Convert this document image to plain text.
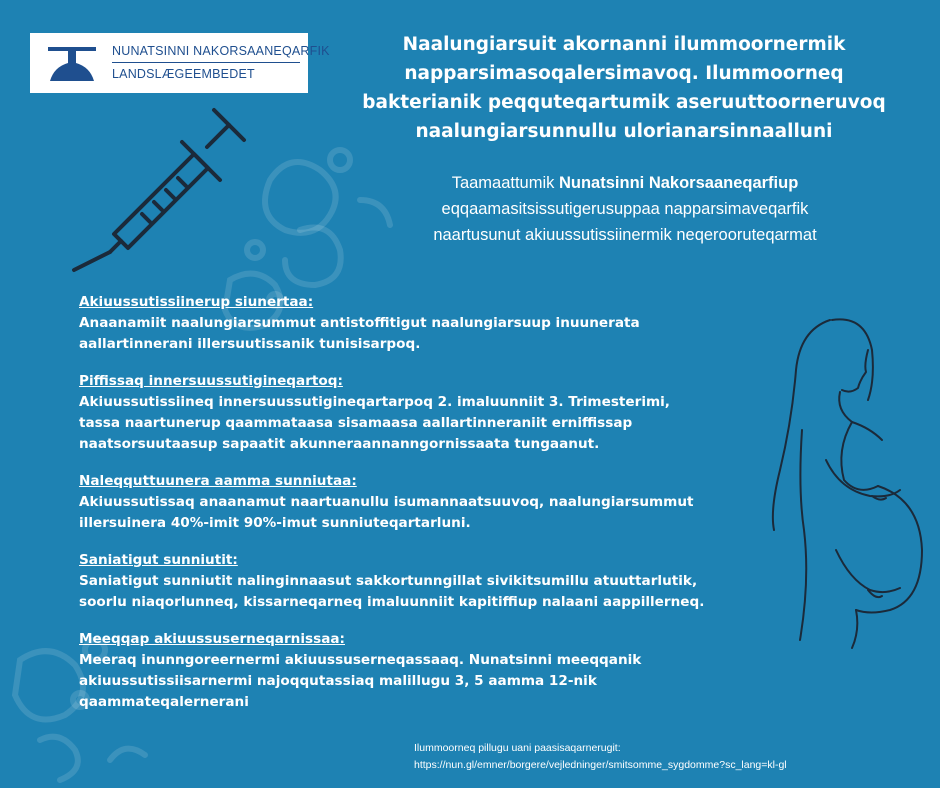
NUNATSINNI NAKORSAANEQARFIK
LANDSLÆGEEMBEDET
Naalungiarsuit akornanni ilummoornermik
napparsimasoqalersimavoq. Ilummoorneq
bakterianik peqquteqartumik aseruuttoorneruvoq
naalungiarsunnullu ulorianarsinnaalluni

Taamaattumik Nunatsinni Nakorsaaneqarfiup
eqqaamasitsissutigerusuppaa napparsimaveqarfik
naartusunut akiuussutissiinermik neqerooruteqarmat

Akiuussutissiinerup siunertaa:
Anaanamiit naalungiarsummut antistoffitigut naalungiarsuup inuunerata
aallartinnerani illersuutissanik tunisisarpoq.
Piffissaq innersuussutigineqartoq:
Akiuussutissiineq innersuussutigineqartarpoq 2. imaluunniit 3. Trimesterimi,
tassa naartunerup qaammataasa sisamaasa aallartinneraniit erniffissap
naatsorsuutaasup sapaatit akunneraannanngornissaata tungaanut.
Naleqquttuunera aamma sunniutaa:
Akiuussutissaq anaanamut naartuanullu isumannaatsuuvoq, naalungiarsummut
illersuinera 40%-imit 90%-imut sunniuteqartarluni.
Saniatigut sunniutit:
Saniatigut sunniutit nalinginnaasut sakkortunngillat sivikitsumillu atuuttarlutik,
soorlu niaqorlunneq, kissarneqarneq imaluunniit kapitiffiup nalaani aappillerneq.
Meeqqap akiuussuserneqarnissaa:
Meeraq inunngoreernermi akiuussuserneqassaaq. Nunatsinni meeqqanik
akiuussutissiisarnermi najoqqutassiaq malillugu 3, 5 aamma 12-nik
qaammateqalernerani
Ilummoorneq pillugu uani paasisaqarnerugit:
https://nun.gl/emner/borgere/vejledninger/smitsomme_sygdomme?sc_lang=kl-gl
